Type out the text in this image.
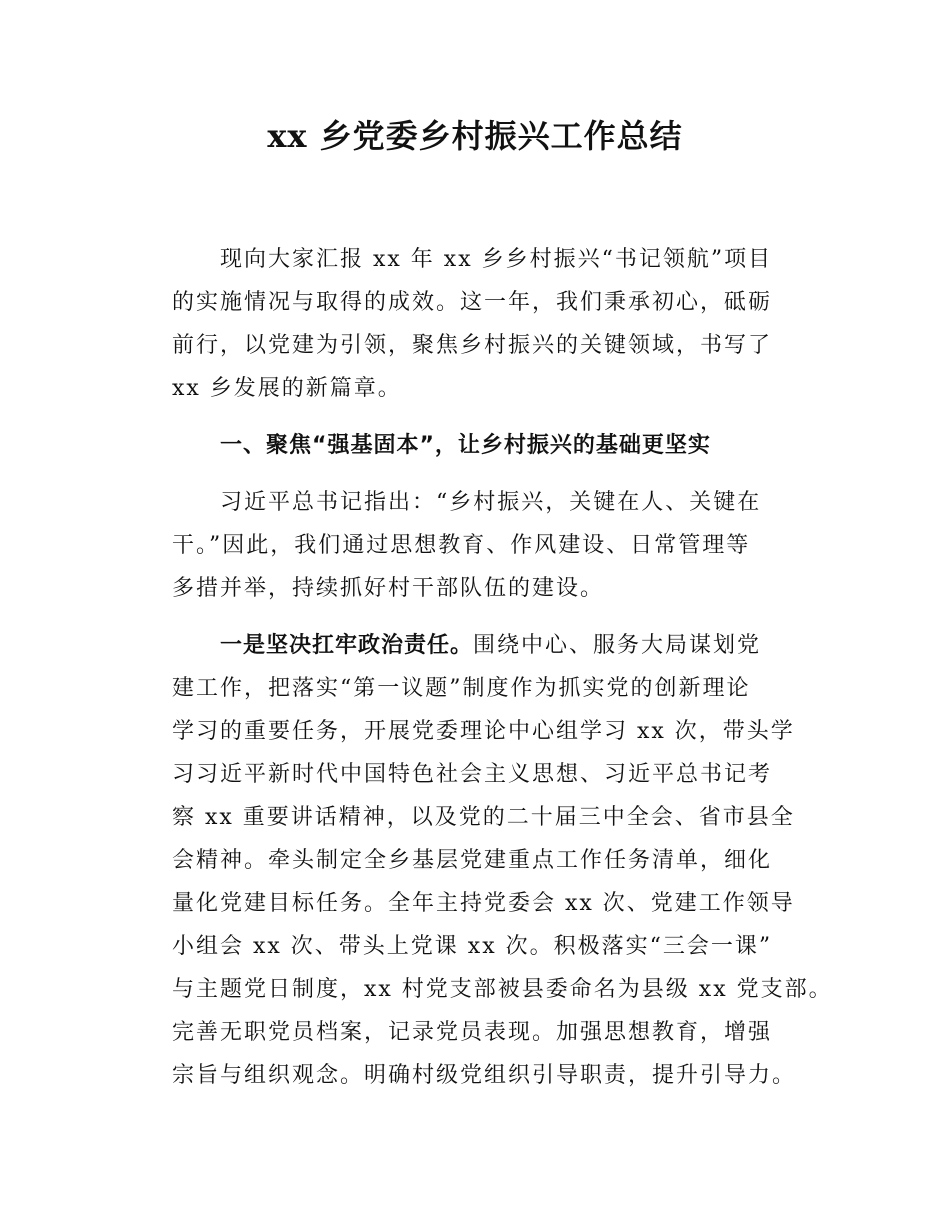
xx 乡党委乡村振兴工作总结
现向大家汇报 xx 年 xx 乡乡村振兴“书记领航”项目
的实施情况与取得的成效。这一年，我们秉承初心，砥砺
前行，以党建为引领，聚焦乡村振兴的关键领域，书写了
xx 乡发展的新篇章。
一、聚焦“强基固本”，让乡村振兴的基础更坚实
习近平总书记指出：“乡村振兴，关键在人、关键在
干。”因此，我们通过思想教育、作风建设、日常管理等
多措并举，持续抓好村干部队伍的建设。
一是坚决扛牢政治责任。围绕中心、服务大局谋划党
建工作，把落实“第一议题”制度作为抓实党的创新理论
学习的重要任务，开展党委理论中心组学习 xx 次，带头学
习习近平新时代中国特色社会主义思想、习近平总书记考
察 xx 重要讲话精神，以及党的二十届三中全会、省市县全
会精神。牵头制定全乡基层党建重点工作任务清单，细化
量化党建目标任务。全年主持党委会 xx 次、党建工作领导
小组会 xx 次、带头上党课 xx 次。积极落实“三会一课”
与主题党日制度，xx 村党支部被县委命名为县级 xx 党支部。
完善无职党员档案，记录党员表现。加强思想教育，增强
宗旨与组织观念。明确村级党组织引导职责，提升引导力。
